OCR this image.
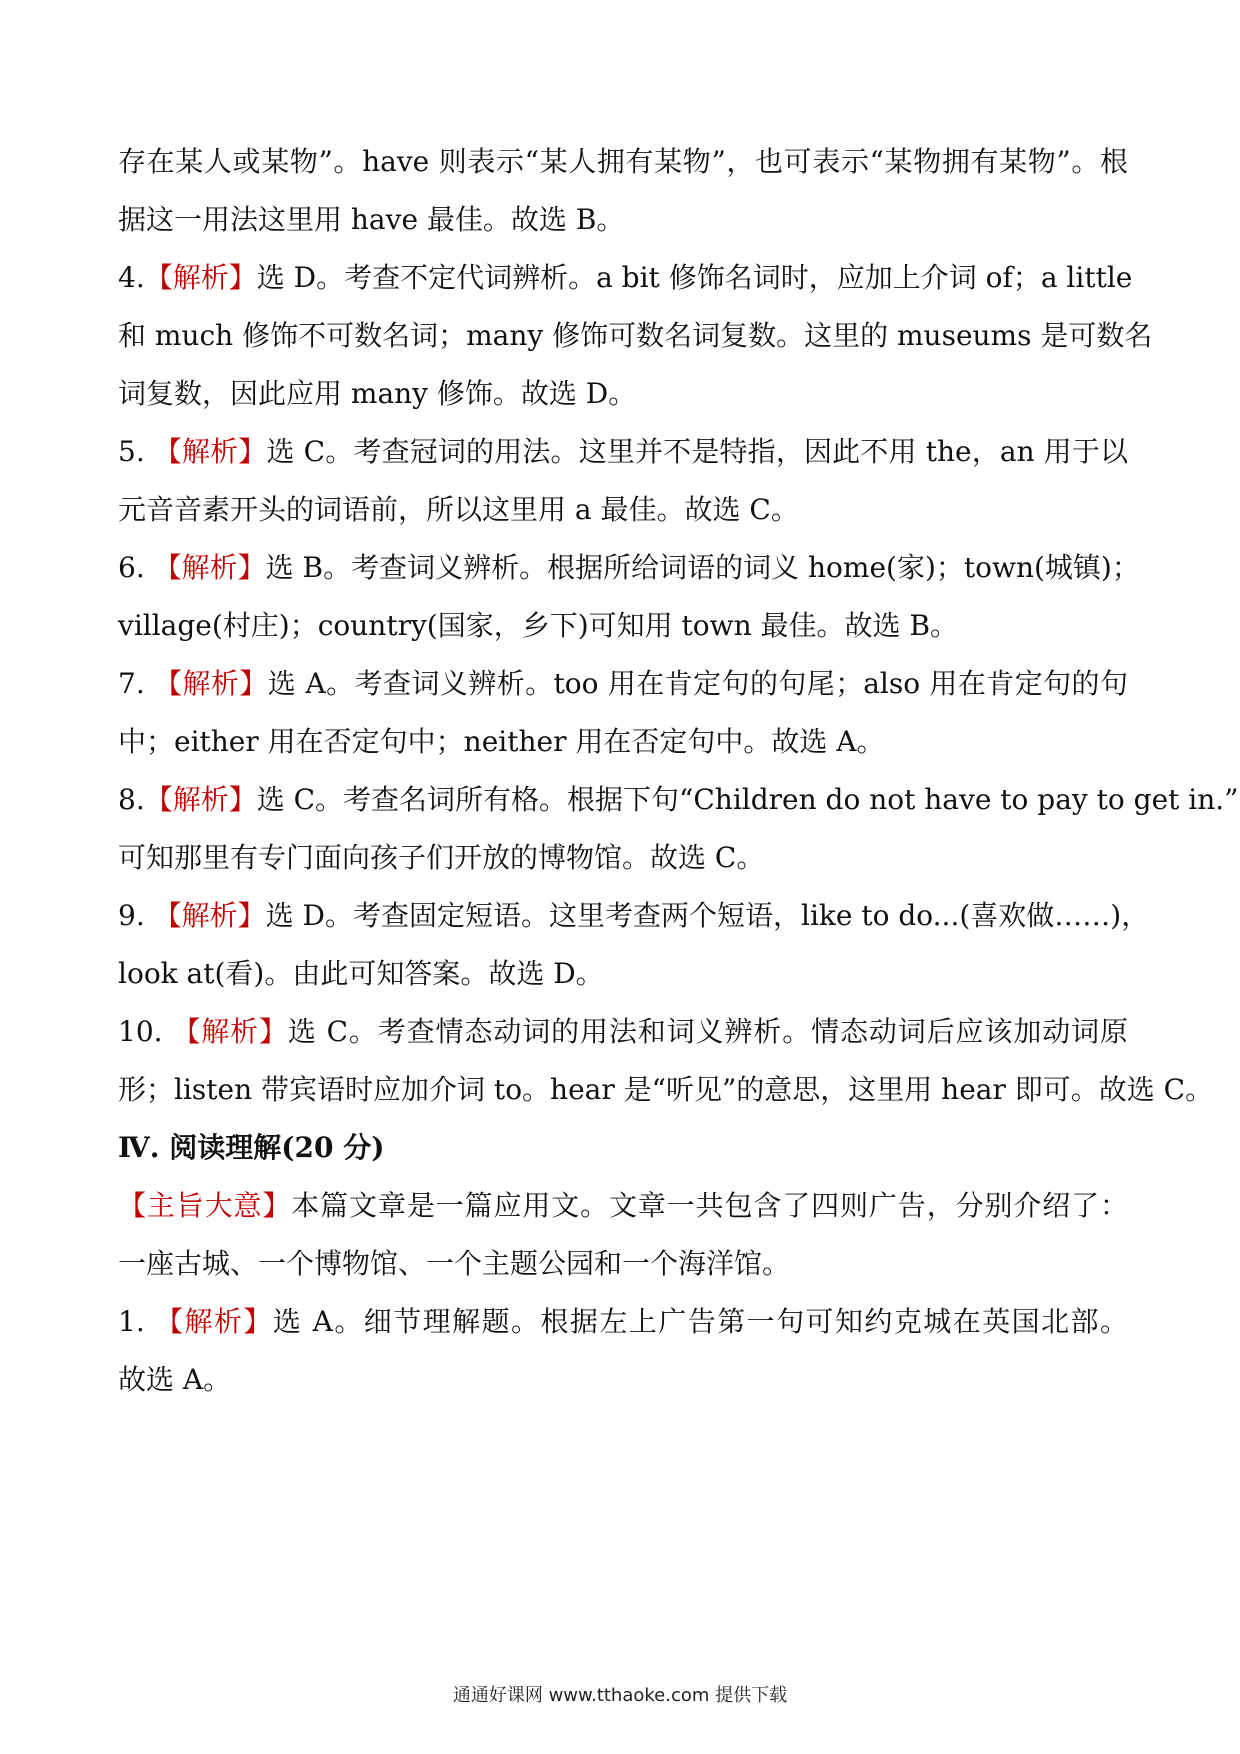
存在某人或某物”。have 则表示“某人拥有某物”，也可表示“某物拥有某物”。根
据这一用法这里用 have 最佳。故选 B。
4.【解析】选 D。考查不定代词辨析。a bit 修饰名词时，应加上介词 of；a little
和 much 修饰不可数名词；many 修饰可数名词复数。这里的 museums 是可数名
词复数，因此应用 many 修饰。故选 D。
5. 【解析】选 C。考查冠词的用法。这里并不是特指，因此不用 the，an 用于以
元音音素开头的词语前，所以这里用 a 最佳。故选 C。
6. 【解析】选 B。考查词义辨析。根据所给词语的词义 home(家)；town(城镇)；
village(村庄)；country(国家，乡下)可知用 town 最佳。故选 B。
7. 【解析】选 A。考查词义辨析。too 用在肯定句的句尾；also 用在肯定句的句
中；either 用在否定句中；neither 用在否定句中。故选 A。
8.【解析】选 C。考查名词所有格。根据下句“Children do not have to pay to get in.”
可知那里有专门面向孩子们开放的博物馆。故选 C。
9. 【解析】选 D。考查固定短语。这里考查两个短语，like to do...(喜欢做……)，
look at(看)。由此可知答案。故选 D。
10. 【解析】选 C。考查情态动词的用法和词义辨析。情态动词后应该加动词原
形；listen 带宾语时应加介词 to。hear 是“听见”的意思，这里用 hear 即可。故选 C。
Ⅳ. 阅读理解(20 分)
【主旨大意】本篇文章是一篇应用文。文章一共包含了四则广告，分别介绍了：
一座古城、一个博物馆、一个主题公园和一个海洋馆。
1. 【解析】选 A。细节理解题。根据左上广告第一句可知约克城在英国北部。
故选 A。
通通好课网 www.tthaoke.com 提供下载
